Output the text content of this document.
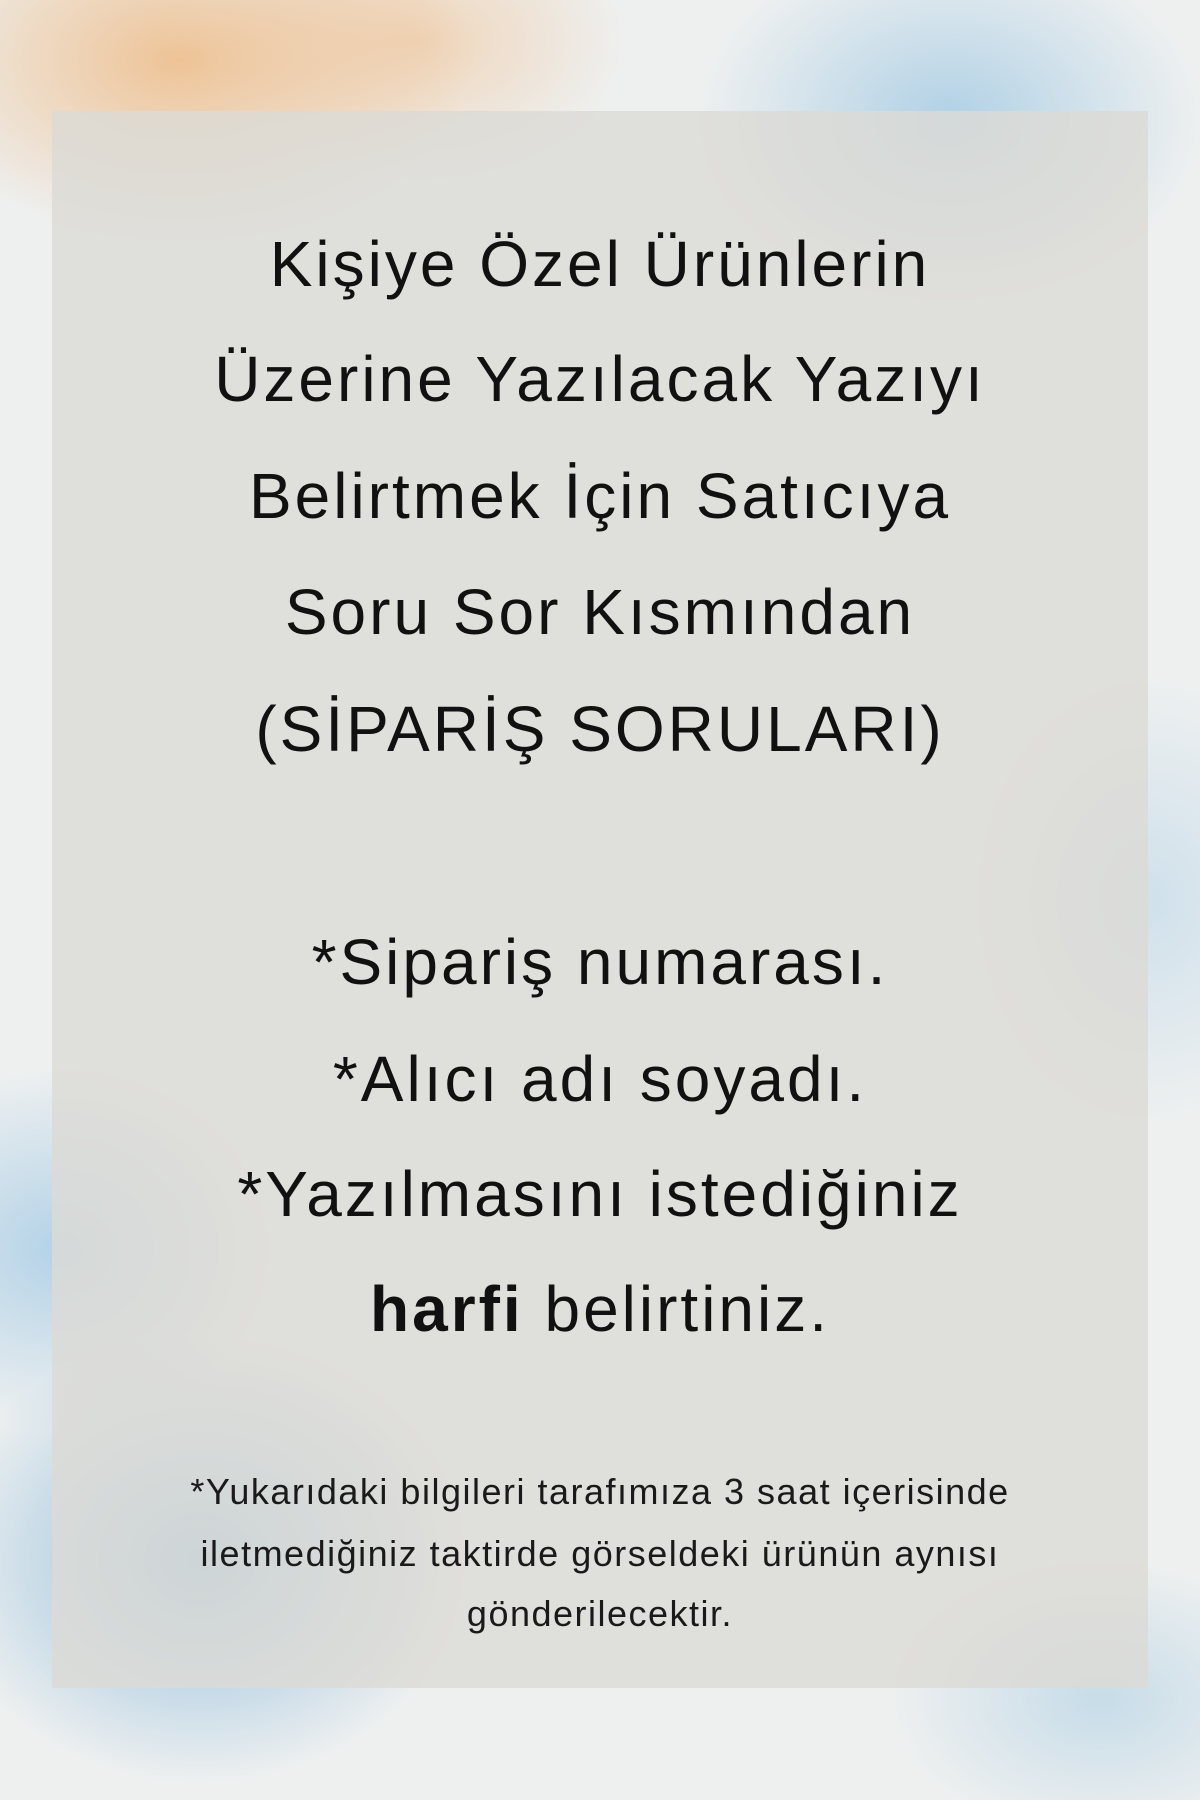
Kişiye Özel Ürünlerin
Üzerine Yazılacak Yazıyı
Belirtmek İçin Satıcıya
Soru Sor Kısmından
(SİPARİŞ SORULARI)
*Sipariş numarası.
*Alıcı adı soyadı.
*Yazılmasını istediğiniz
harfi belirtiniz.
*Yukarıdaki bilgileri tarafımıza 3 saat içerisinde
iletmediğiniz taktirde görseldeki ürünün aynısı
gönderilecektir.
